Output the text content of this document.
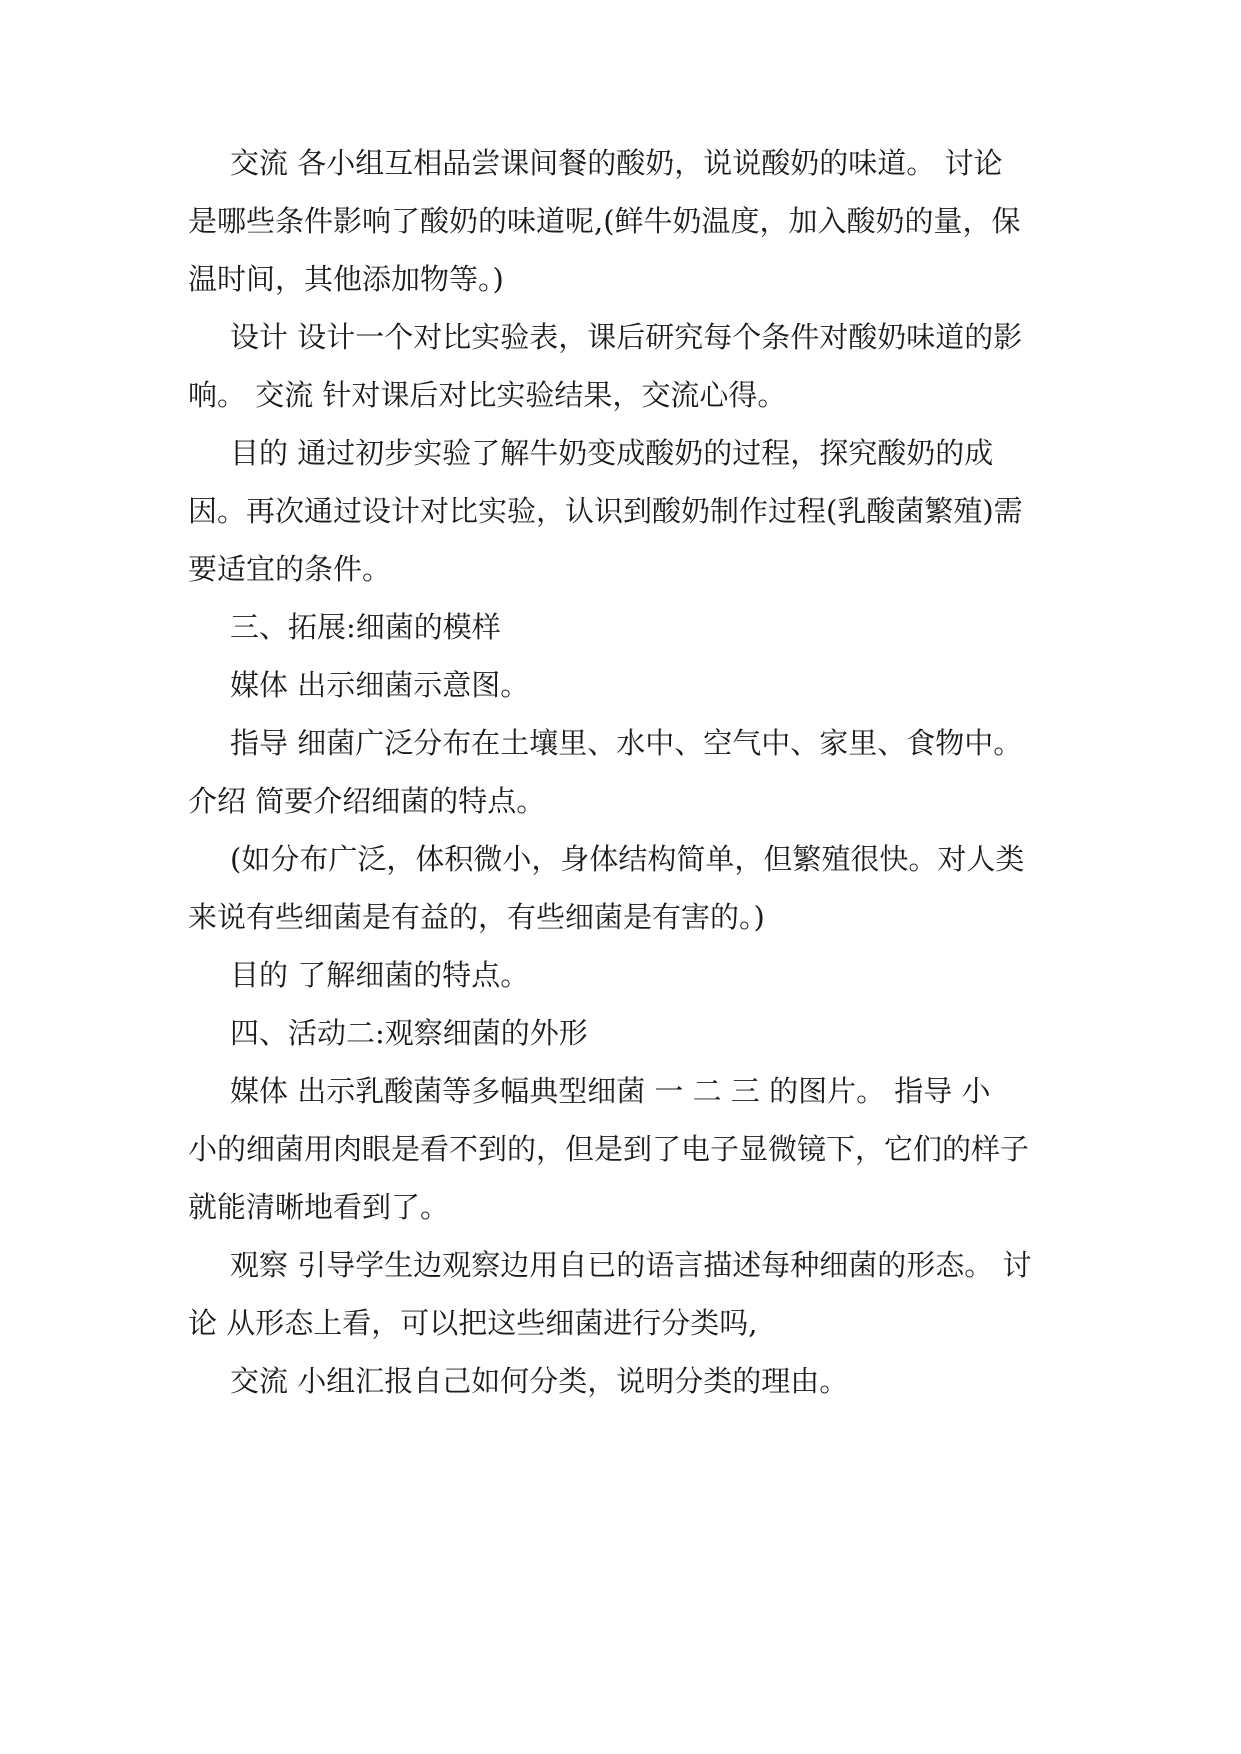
交流 各小组互相品尝课间餐的酸奶，说说酸奶的味道。 讨论
是哪些条件影响了酸奶的味道呢,(鲜牛奶温度，加入酸奶的量，保
温时间，其他添加物等。)
设计 设计一个对比实验表，课后研究每个条件对酸奶味道的影
响。 交流 针对课后对比实验结果，交流心得。
目的 通过初步实验了解牛奶变成酸奶的过程，探究酸奶的成
因。再次通过设计对比实验，认识到酸奶制作过程(乳酸菌繁殖)需
要适宜的条件。
三、拓展:细菌的模样
媒体 出示细菌示意图。
指导 细菌广泛分布在土壤里、水中、空气中、家里、食物中。
介绍 简要介绍细菌的特点。
(如分布广泛，体积微小，身体结构简单，但繁殖很快。对人类
来说有些细菌是有益的，有些细菌是有害的。)
目的 了解细菌的特点。
四、活动二:观察细菌的外形
媒体 出示乳酸菌等多幅典型细菌 一 二 三 的图片。 指导 小
小的细菌用肉眼是看不到的，但是到了电子显微镜下，它们的样子
就能清晰地看到了。
观察 引导学生边观察边用自已的语言描述每种细菌的形态。 讨
论 从形态上看，可以把这些细菌进行分类吗,
交流 小组汇报自己如何分类，说明分类的理由。
